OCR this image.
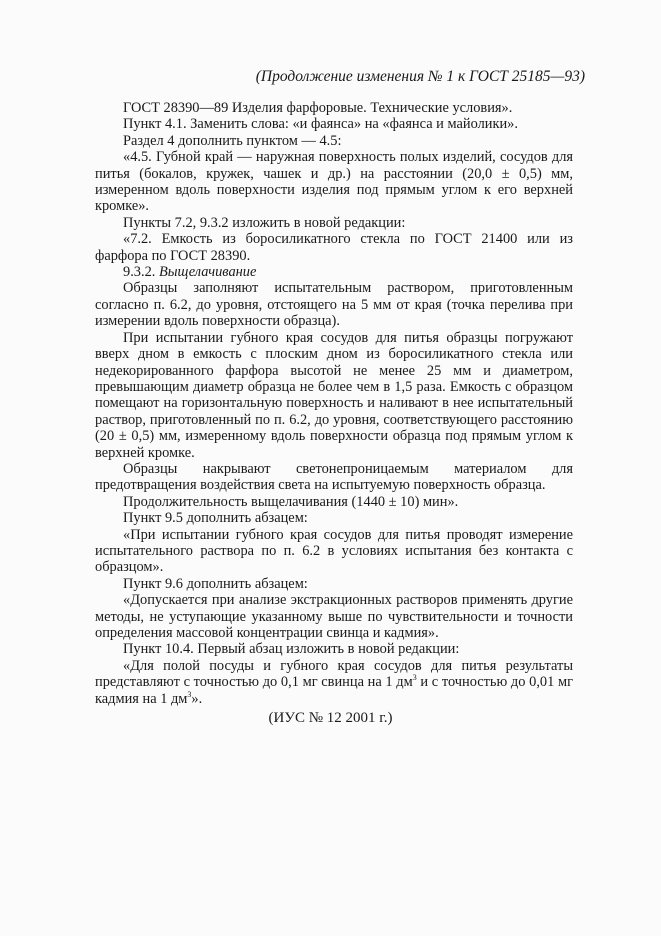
(Продолжение изменения № 1 к ГОСТ 25185—93)

ГОСТ 28390—89 Изделия фарфоровые. Технические условия».

Пункт 4.1. Заменить слова: «и фаянса» на «фаянса и майолики».

Раздел 4 дополнить пунктом — 4.5:

«4.5. Губной край — наружная поверхность полых изделий, сосудов для питья (бокалов, кружек, чашек и др.) на расстоянии (20,0 ± 0,5) мм, измеренном вдоль поверхности изделия под прямым углом к его верхней кромке».

Пункты 7.2, 9.3.2 изложить в новой редакции:

«7.2. Емкость из боросиликатного стекла по ГОСТ 21400 или из фарфора по ГОСТ 28390.

9.3.2. Выщелачивание

Образцы заполняют испытательным раствором, приготовленным согласно п. 6.2, до уровня, отстоящего на 5 мм от края (точка перелива при измерении вдоль поверхности образца).

При испытании губного края сосудов для питья образцы погружают вверх дном в емкость с плоским дном из боросиликатного стекла или недекорированного фарфора высотой не менее 25 мм и диаметром, превышающим диаметр образца не более чем в 1,5 раза. Емкость с образцом помещают на горизонтальную поверхность и наливают в нее испытательный раствор, приготовленный по п. 6.2, до уровня, соответствующего расстоянию (20 ± 0,5) мм, измеренному вдоль поверхности образца под прямым углом к верхней кромке.

Образцы накрывают светонепроницаемым материалом для предотвращения воздействия света на испытуемую поверхность образца.

Продолжительность выщелачивания (1440 ± 10) мин».

Пункт 9.5 дополнить абзацем:

«При испытании губного края сосудов для питья проводят измерение испытательного раствора по п. 6.2 в условиях испытания без контакта с образцом».

Пункт 9.6 дополнить абзацем:

«Допускается при анализе экстракционных растворов применять другие методы, не уступающие указанному выше по чувствительности и точности определения массовой концентрации свинца и кадмия».

Пункт 10.4. Первый абзац изложить в новой редакции:

«Для полой посуды и губного края сосудов для питья результаты представляют с точностью до 0,1 мг свинца на 1 $дм^3$ и с точностью до 0,01 мг кадмия на 1 $дм^3$».

(ИУС № 12 2001 г.)
